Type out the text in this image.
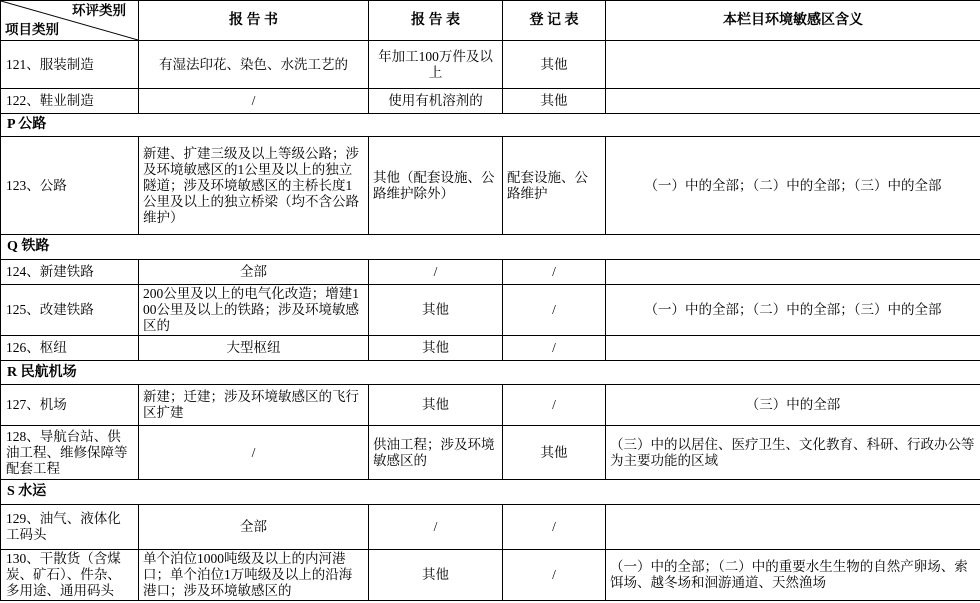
环评类别
项目类别	报 告 书	报 告 表	登 记 表	本栏目环境敏感区含义
121、服装制造	有湿法印花、染色、水洗工艺的	年加工100万件及以上	其他	
122、鞋业制造	/	使用有机溶剂的	其他	
P 公路				
123、公路	新建、扩建三级及以上等级公路；涉及环境敏感区的1公里及以上的独立隧道；涉及环境敏感区的主桥长度1公里及以上的独立桥梁（均不含公路维护）	其他（配套设施、公路维护除外）	配套设施、公路维护	（一）中的全部；（二）中的全部；（三）中的全部
Q 铁路				
124、新建铁路	全部	/	/	
125、改建铁路	200公里及以上的电气化改造；增建100公里及以上的铁路；涉及环境敏感区的	其他	/	（一）中的全部；（二）中的全部；（三）中的全部
126、枢纽	大型枢纽	其他	/	
R 民航机场				
127、机场	新建；迁建；涉及环境敏感区的飞行区扩建	其他	/	（三）中的全部
128、导航台站、供油工程、维修保障等配套工程	/	供油工程；涉及环境敏感区的	其他	（三）中的以居住、医疗卫生、文化教育、科研、行政办公等为主要功能的区域
S 水运				
129、油气、液体化工码头	全部	/	/	
130、干散货（含煤炭、矿石）、件杂、多用途、通用码头	单个泊位1000吨级及以上的内河港口；单个泊位1万吨级及以上的沿海港口；涉及环境敏感区的	其他	/	（一）中的全部；（二）中的重要水生生物的自然产卵场、索饵场、越冬场和洄游通道、天然渔场
